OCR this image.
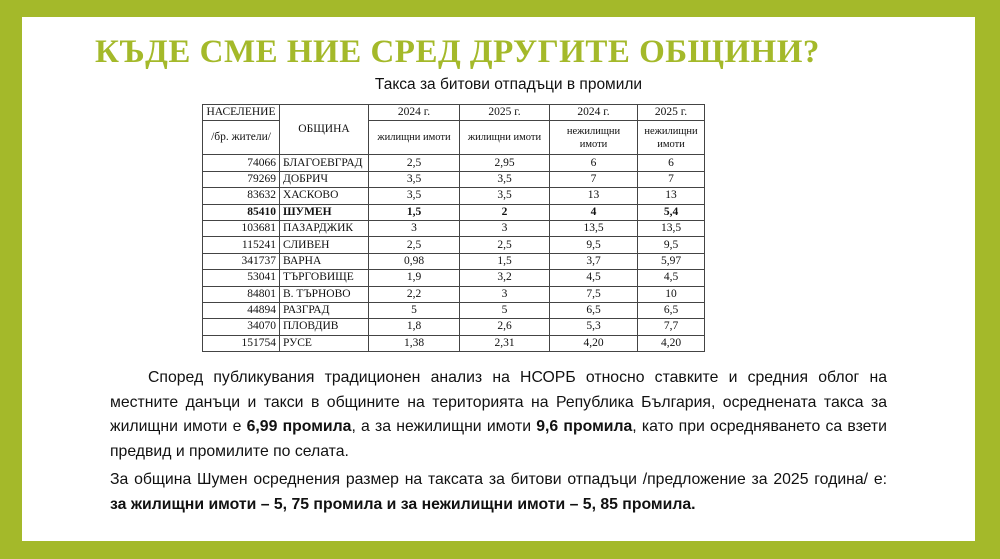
КЪДЕ СМЕ НИЕ СРЕД ДРУГИТЕ ОБЩИНИ?
Такса за битови отпадъци в промили
НАСЕЛЕНИЕ	ОБЩИНА	2024 г.	2025 г.	2024 г.	2025 г.
/бр. жители/		жилищни имоти	жилищни имоти	нежилищни имоти	нежилищни имоти
74066	БЛАГОЕВГРАД	2,5	2,95	6	6
79269	ДОБРИЧ	3,5	3,5	7	7
83632	ХАСКОВО	3,5	3,5	13	13
85410	ШУМЕН	1,5	2	4	5,4
103681	ПАЗАРДЖИК	3	3	13,5	13,5
115241	СЛИВЕН	2,5	2,5	9,5	9,5
341737	ВАРНА	0,98	1,5	3,7	5,97
53041	ТЪРГОВИЩЕ	1,9	3,2	4,5	4,5
84801	В. ТЪРНОВО	2,2	3	7,5	10
44894	РАЗГРАД	5	5	6,5	6,5
34070	ПЛОВДИВ	1,8	2,6	5,3	7,7
151754	РУСЕ	1,38	2,31	4,20	4,20
Според публикувания традиционен анализ на НСОРБ относно ставките и средния облог на местните данъци и такси в общините на територията на Република България, осреднената такса за жилищни имоти е 6,99 промила, а за нежилищни имоти 9,6 промила, като при осредняването са взети предвид и промилите по селата.
За община Шумен осреднения размер на таксата за битови отпадъци /предложение за 2025 година/ е: за жилищни имоти – 5, 75 промила и за нежилищни имоти – 5, 85 промила.
